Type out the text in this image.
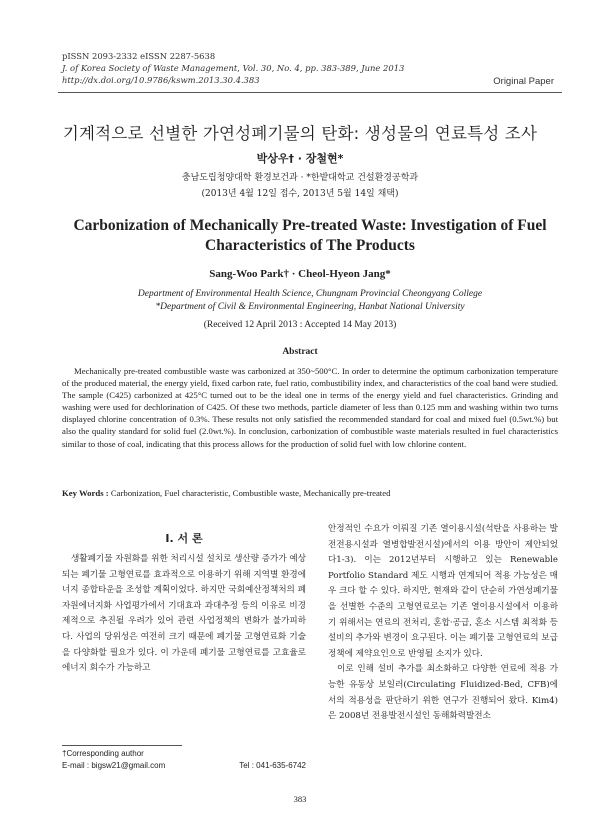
pISSN 2093-2332 eISSN 2287-5638
J. of Korea Society of Waste Management, Vol. 30, No. 4, pp. 383-389, June 2013
http://dx.doi.org/10.9786/kswm.2013.30.4.383	Original Paper
기계적으로 선별한 가연성폐기물의 탄화: 생성물의 연료특성 조사
박상우† · 장철현*
충남도립청양대학 환경보건과 · *한밭대학교 건설환경공학과
(2013년 4월 12일 접수, 2013년 5월 14일 채택)
Carbonization of Mechanically Pre-treated Waste: Investigation of Fuel Characteristics of The Products
Sang-Woo Park† · Cheol-Hyeon Jang*
Department of Environmental Health Science, Chungnam Provincial Cheongyang College
*Department of Civil & Environmental Engineering, Hanbat National University
(Received 12 April 2013 : Accepted 14 May 2013)
Abstract
Mechanically pre-treated combustible waste was carbonized at 350~500°C. In order to determine the optimum carbonization temperature of the produced material, the energy yield, fixed carbon rate, fuel ratio, combustibility index, and characteristics of the coal band were studied. The sample (C425) carbonized at 425°C turned out to be the ideal one in terms of the energy yield and fuel characteristics. Grinding and washing were used for dechlorination of C425. Of these two methods, particle diameter of less than 0.125 mm and washing within two turns displayed chlorine concentration of 0.3%. These results not only satisfied the recommended standard for coal and mixed fuel (0.5wt.%) but also the quality standard for solid fuel (2.0wt.%). In conclusion, carbonization of combustible waste materials resulted in fuel characteristics similar to those of coal, indicating that this process allows for the production of solid fuel with low chlorine content.
Key Words : Carbonization, Fuel characteristic, Combustible waste, Mechanically pre-treated
I. 서 론
생활폐기물 자원화를 위한 처리시설 설치로 생산량 증가가 예상되는 폐기물 고형연료를 효과적으로 이용하기 위해 지역별 환경에너지 종합타운을 조성할 계획이었다. 하지만 국회예산정책처의 폐자원에너지화 사업평가에서 기대효과 과대추정 등의 이유로 비경제적으로 추진될 우려가 있어 관련 사업정책의 변화가 불가피하다. 사업의 당위성은 여전히 크기 때문에 폐기물 고형연료화 기술을 다양화할 필요가 있다. 이 가운데 폐기물 고형연료를 고효율로 에너지 회수가 가능하고

안정적인 수요가 이뤄질 기존 열이용시설(석탄을 사용하는 발전전용시설과 열병합발전시설)에서의 이용 방안이 제안되었다1-3). 이는 2012년부터 시행하고 있는 Renewable Portfolio Standard 제도 시행과 연계되어 적용 가능성은 매우 크다 할 수 있다. 하지만, 현재와 같이 단순히 가연성폐기물을 선별한 수준의 고형연료로는 기존 열이용시설에서 이용하기 위해서는 연료의 전처리, 혼합·공급, 혼소 시스템 최적화 등 설비의 추가와 변경이 요구된다. 이는 폐기물 고형연료의 보급정책에 제약요인으로 반영될 소지가 있다.

이로 인해 설비 추가를 최소화하고 다양한 연료에 적용 가능한 유동상 보일러(Circulating Fluidized-Bed, CFB)에서의 적용성을 판단하기 위한 연구가 진행되어 왔다. Kim4)은 2008년 전용발전시설인 동해화력발전소

†Corresponding author
E-mail : bigsw21@gmail.com	Tel : 041-635-6742
383
